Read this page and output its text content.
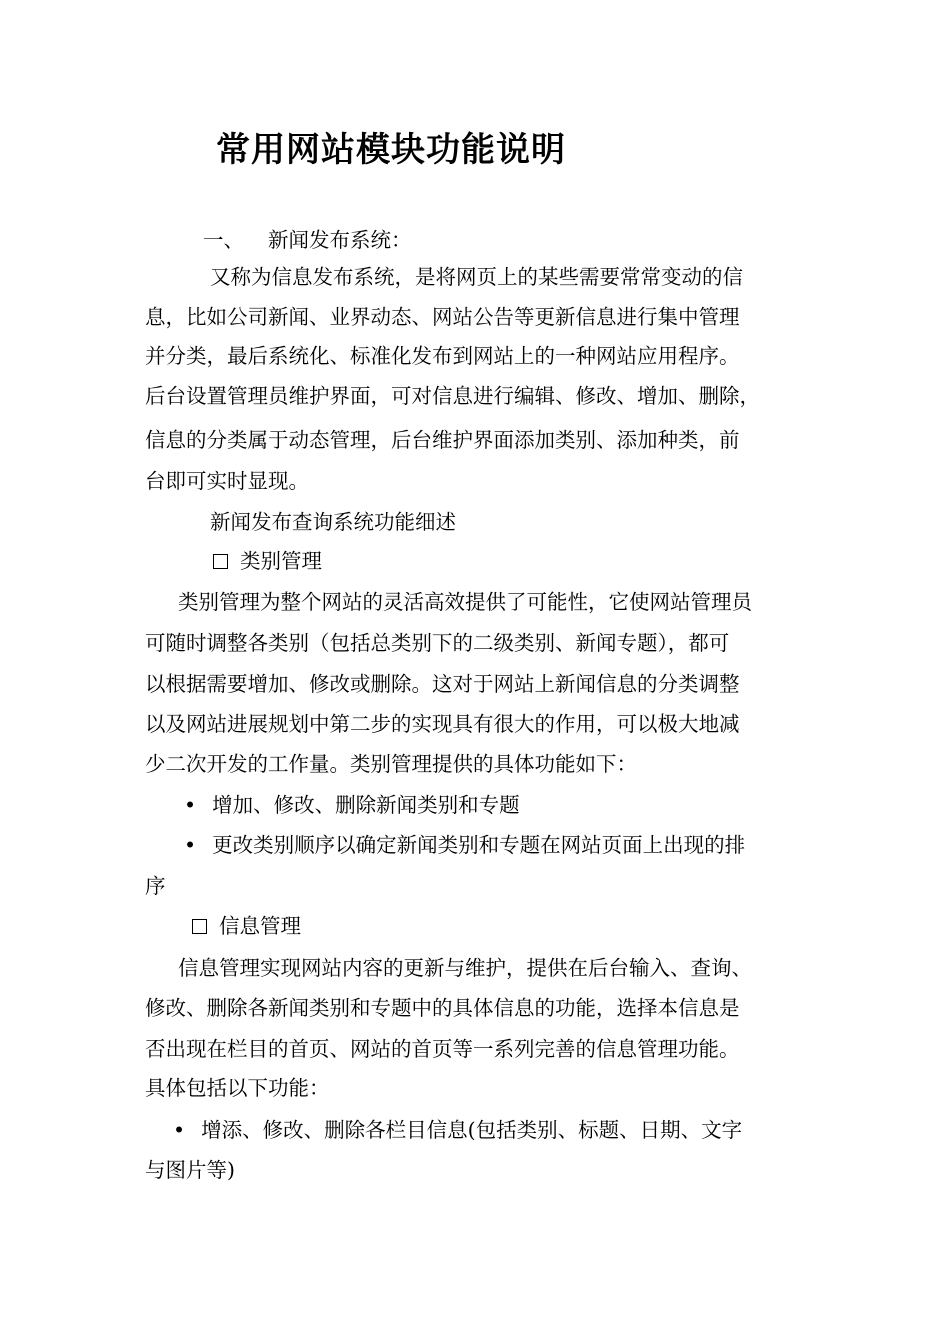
常用网站模块功能说明
一、 新闻发布系统：
又称为信息发布系统，是将网页上的某些需要常常变动的信
息，比如公司新闻、业界动态、网站公告等更新信息进行集中管理
并分类，最后系统化、标准化发布到网站上的一种网站应用程序。
后台设置管理员维护界面，可对信息进行编辑、修改、增加、删除，
信息的分类属于动态管理，后台维护界面添加类别、添加种类，前
台即可实时显现。
新闻发布查询系统功能细述
类别管理
类别管理为整个网站的灵活高效提供了可能性，它使网站管理员
可随时调整各类别（包括总类别下的二级类别、新闻专题），都可
以根据需要增加、修改或删除。这对于网站上新闻信息的分类调整
以及网站进展规划中第二步的实现具有很大的作用，可以极大地减
少二次开发的工作量。类别管理提供的具体功能如下：
• 增加、修改、删除新闻类别和专题
• 更改类别顺序以确定新闻类别和专题在网站页面上出现的排
序
信息管理
信息管理实现网站内容的更新与维护，提供在后台输入、查询、
修改、删除各新闻类别和专题中的具体信息的功能，选择本信息是
否出现在栏目的首页、网站的首页等一系列完善的信息管理功能。
具体包括以下功能：
• 增添、修改、删除各栏目信息(包括类别、标题、日期、文字
与图片等)
